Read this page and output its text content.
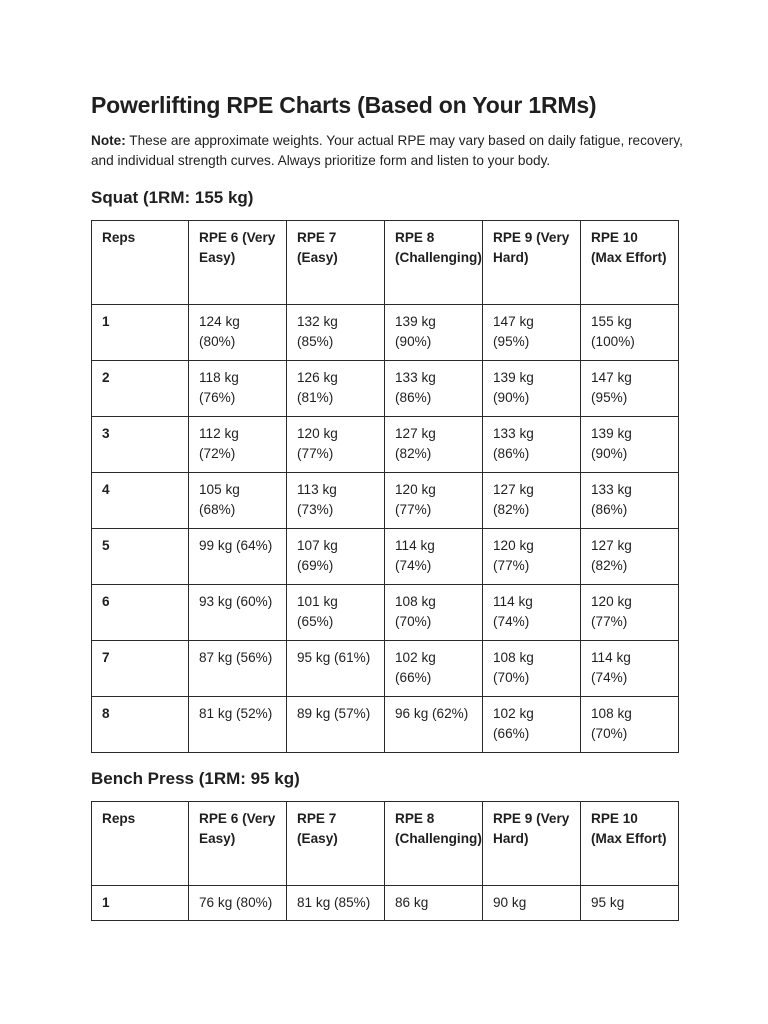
Powerlifting RPE Charts (Based on Your 1RMs)

Note: These are approximate weights. Your actual RPE may vary based on daily fatigue, recovery, and individual strength curves. Always prioritize form and listen to your body.

Squat (1RM: 155 kg)
Reps	RPE 6 (Very Easy)	RPE 7 (Easy)	RPE 8 (Challenging)	RPE 9 (Very Hard)	RPE 10 (Max Effort)
1	124 kg (80%)	132 kg (85%)	139 kg (90%)	147 kg (95%)	155 kg (100%)
2	118 kg (76%)	126 kg (81%)	133 kg (86%)	139 kg (90%)	147 kg (95%)
3	112 kg (72%)	120 kg (77%)	127 kg (82%)	133 kg (86%)	139 kg (90%)
4	105 kg (68%)	113 kg (73%)	120 kg (77%)	127 kg (82%)	133 kg (86%)
5	99 kg (64%)	107 kg (69%)	114 kg (74%)	120 kg (77%)	127 kg (82%)
6	93 kg (60%)	101 kg (65%)	108 kg (70%)	114 kg (74%)	120 kg (77%)
7	87 kg (56%)	95 kg (61%)	102 kg (66%)	108 kg (70%)	114 kg (74%)
8	81 kg (52%)	89 kg (57%)	96 kg (62%)	102 kg (66%)	108 kg (70%)
Bench Press (1RM: 95 kg)
Reps	RPE 6 (Very Easy)	RPE 7 (Easy)	RPE 8 (Challenging)	RPE 9 (Very Hard)	RPE 10 (Max Effort)
1	76 kg (80%)	81 kg (85%)	86 kg	90 kg	95 kg
